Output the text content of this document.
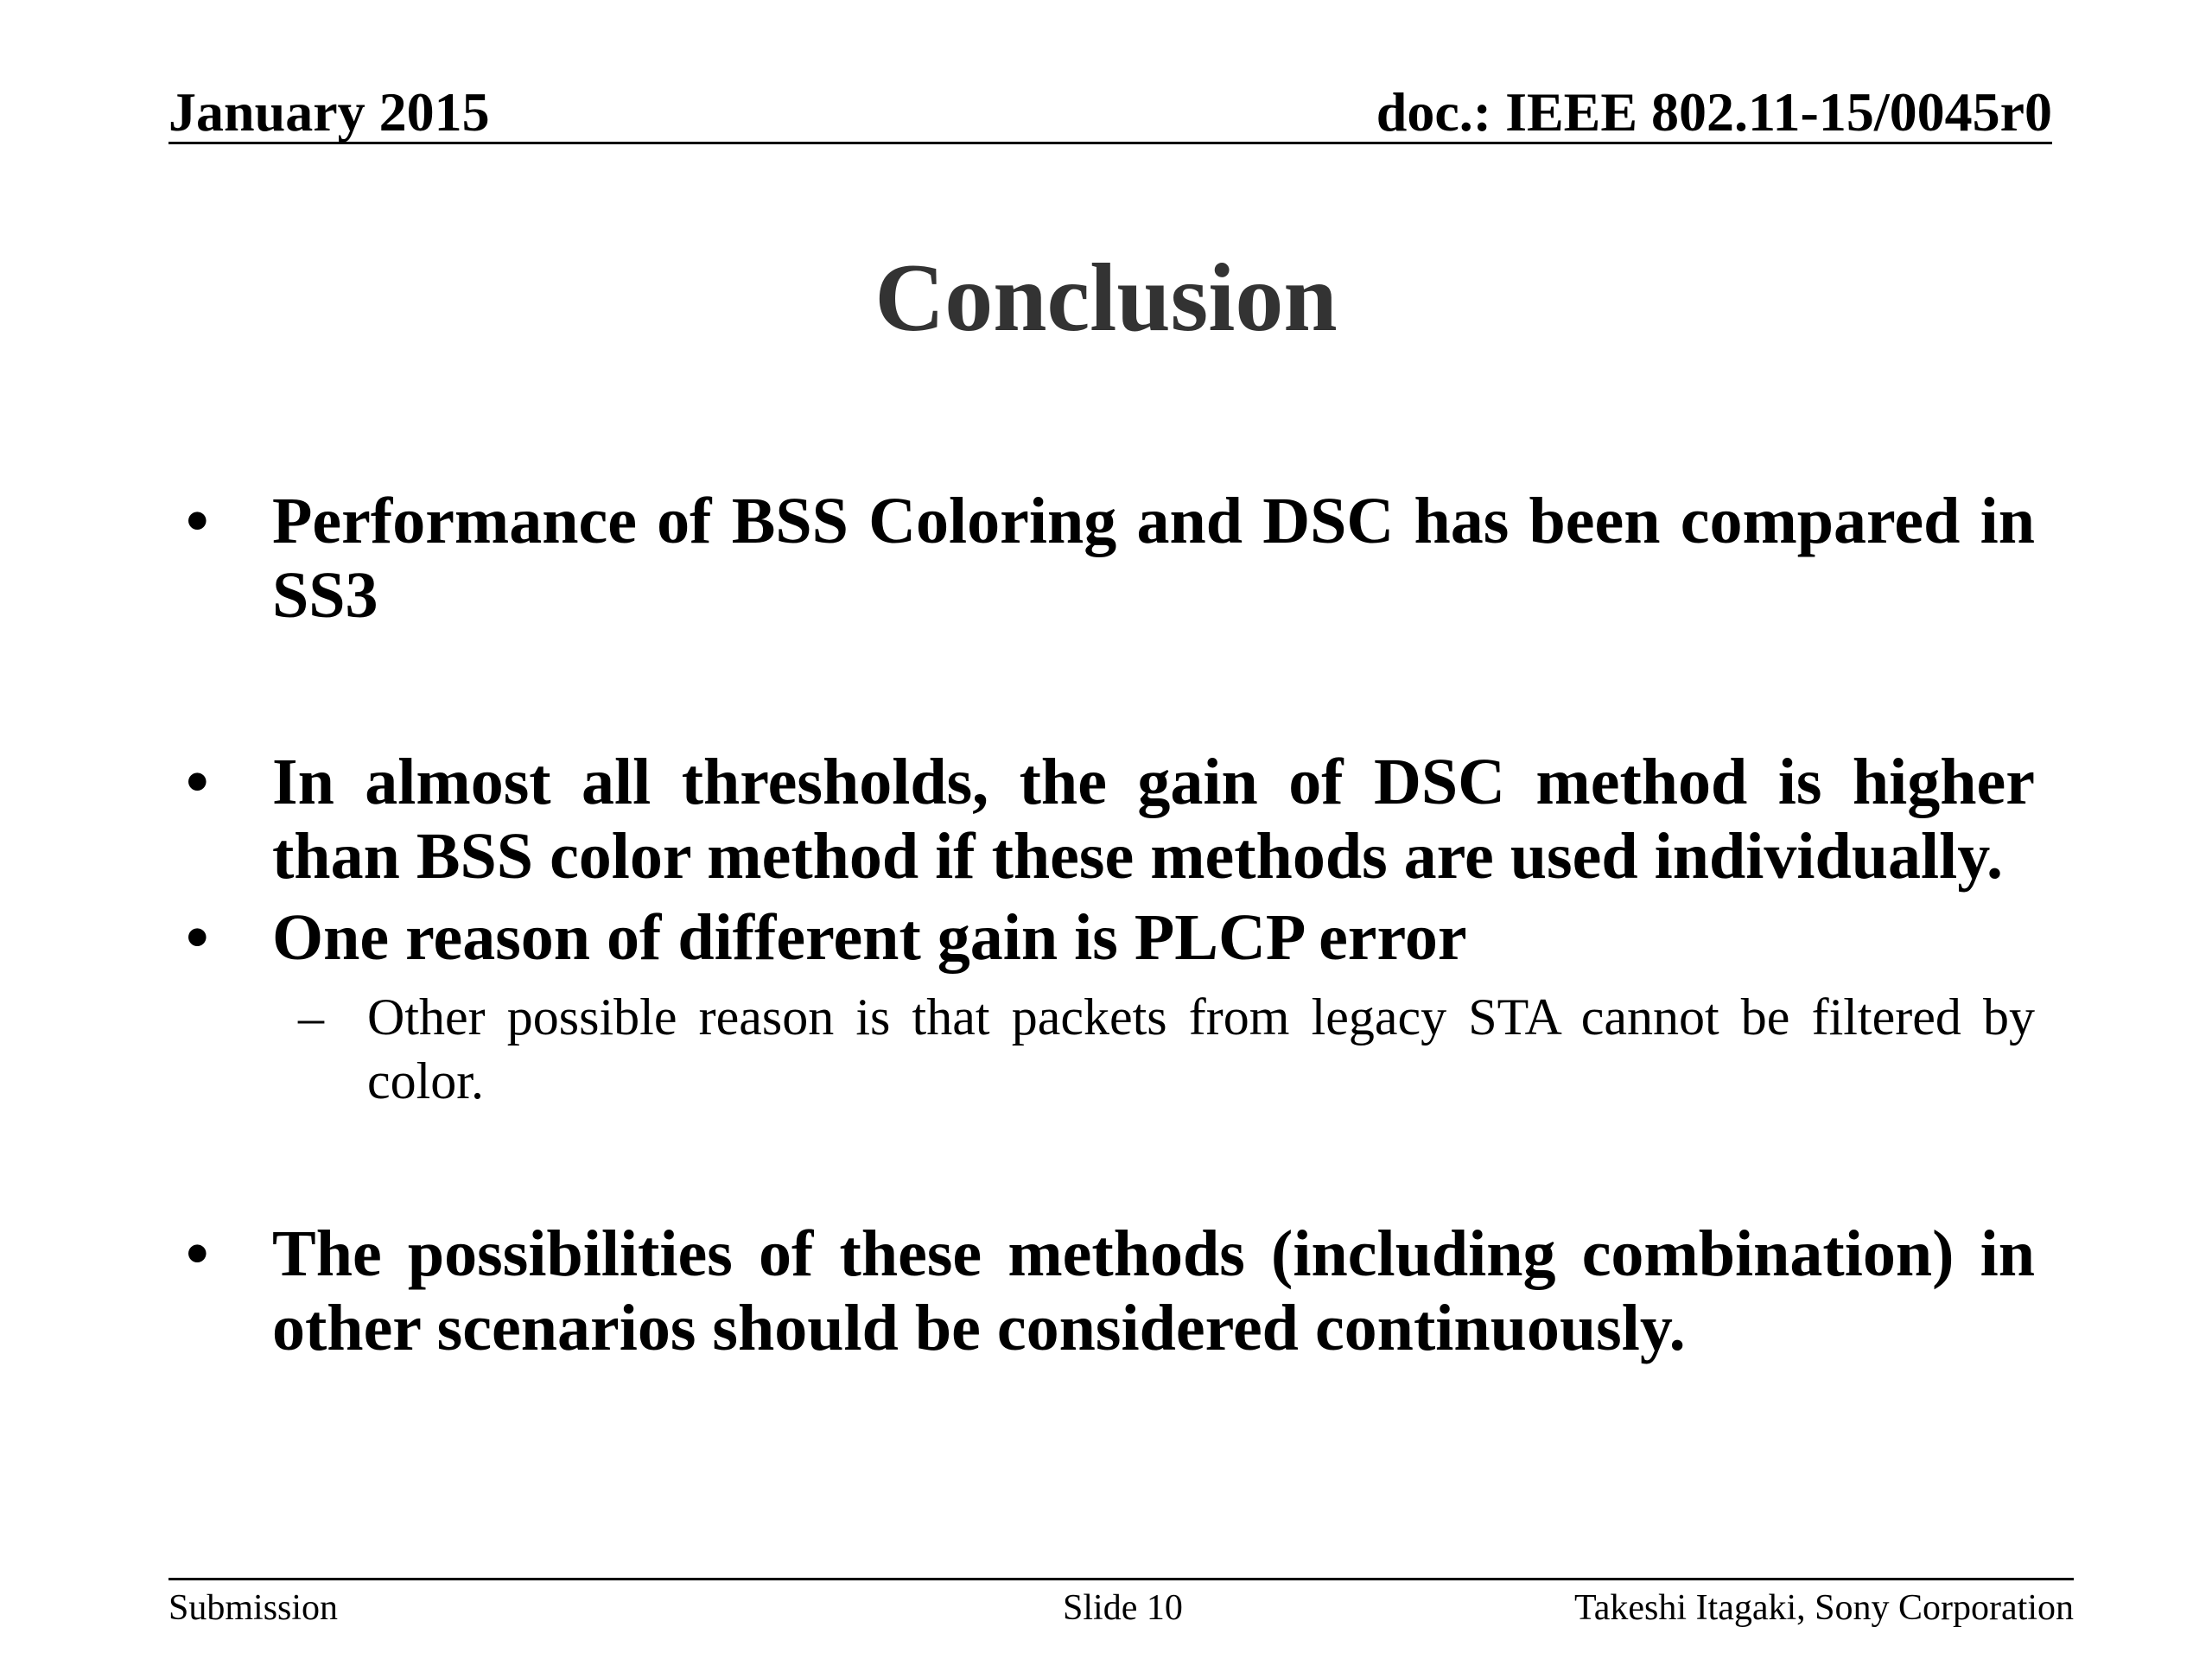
January 2015	doc.: IEEE 802.11-15/0045r0
Conclusion
• Performance of BSS Coloring and DSC has been compared in SS3
• In almost all thresholds, the gain of DSC method is higher than BSS color method if these methods are used individually.
• One reason of different gain is PLCP error
– Other possible reason is that packets from legacy STA cannot be filtered by color.
• The possibilities of these methods (including combination) in other scenarios should be considered continuously.
Submission	Slide 10	Takeshi Itagaki, Sony Corporation
